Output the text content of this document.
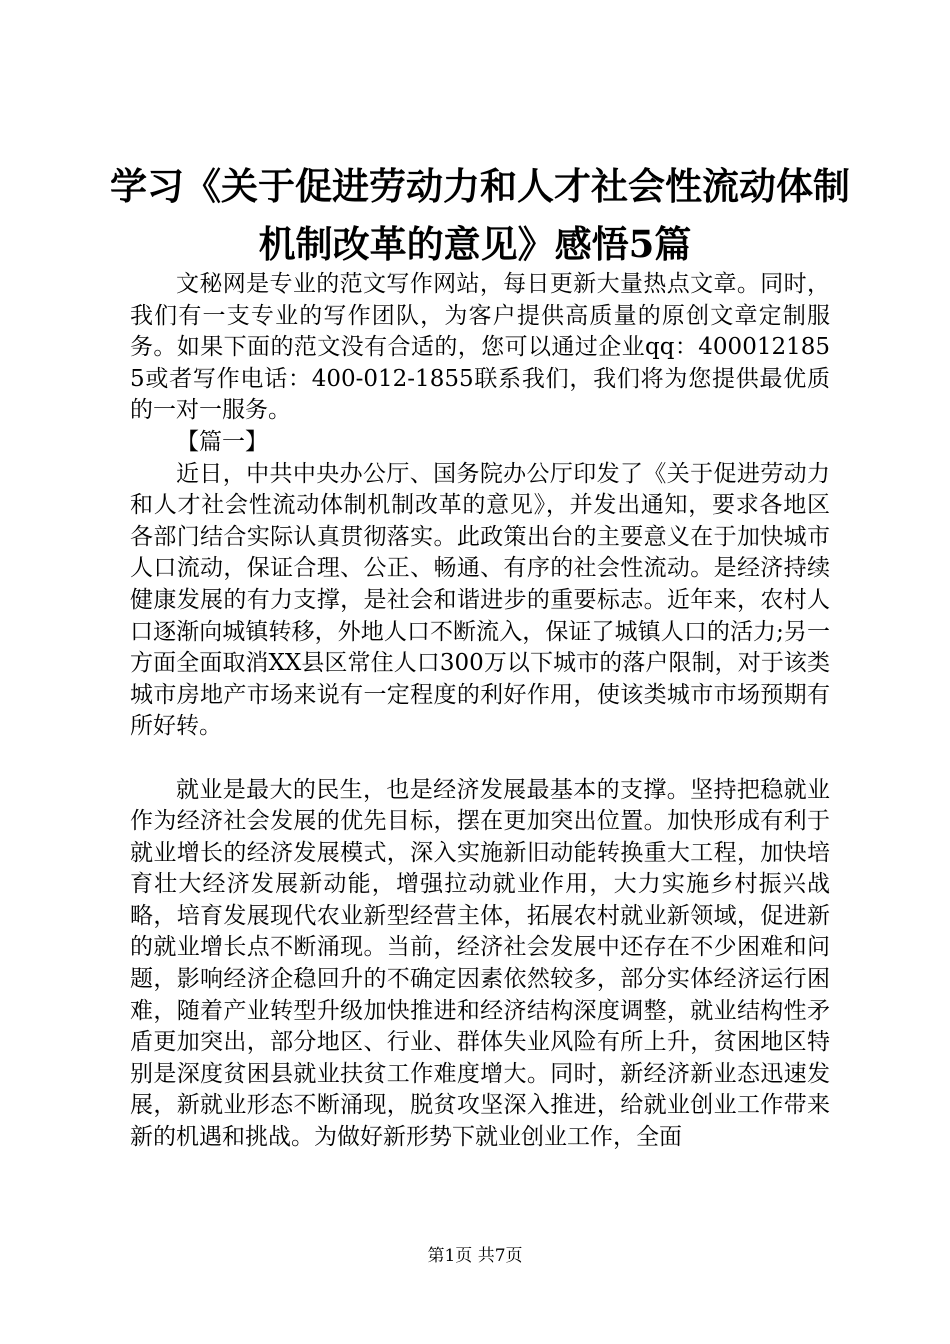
学习《关于促进劳动力和人才社会性流动体制
机制改革的意见》感悟5篇

文秘网是专业的范文写作网站，每日更新大量热点文章。同时，我们有一支专业的写作团队，为客户提供高质量的原创文章定制服务。如果下面的范文没有合适的，您可以通过企业qq：4000121855或者写作电话：400-012-1855联系我们，我们将为您提供最优质的一对一服务。

【篇一】

近日，中共中央办公厅、国务院办公厅印发了《关于促进劳动力和人才社会性流动体制机制改革的意见》，并发出通知，要求各地区各部门结合实际认真贯彻落实。此政策出台的主要意义在于加快城市人口流动，保证合理、公正、畅通、有序的社会性流动。是经济持续健康发展的有力支撑，是社会和谐进步的重要标志。近年来，农村人口逐渐向城镇转移，外地人口不断流入，保证了城镇人口的活力;另一方面全面取消XX县区常住人口300万以下城市的落户限制，对于该类城市房地产市场来说有一定程度的利好作用，使该类城市市场预期有所好转。

就业是最大的民生，也是经济发展最基本的支撑。坚持把稳就业作为经济社会发展的优先目标，摆在更加突出位置。加快形成有利于就业增长的经济发展模式，深入实施新旧动能转换重大工程，加快培育壮大经济发展新动能，增强拉动就业作用，大力实施乡村振兴战略，培育发展现代农业新型经营主体，拓展农村就业新领域，促进新的就业增长点不断涌现。当前，经济社会发展中还存在不少困难和问题，影响经济企稳回升的不确定因素依然较多，部分实体经济运行困难，随着产业转型升级加快推进和经济结构深度调整，就业结构性矛盾更加突出，部分地区、行业、群体失业风险有所上升，贫困地区特别是深度贫困县就业扶贫工作难度增大。同时，新经济新业态迅速发展，新就业形态不断涌现，脱贫攻坚深入推进，给就业创业工作带来新的机遇和挑战。为做好新形势下就业创业工作，全面

第1页 共7页
